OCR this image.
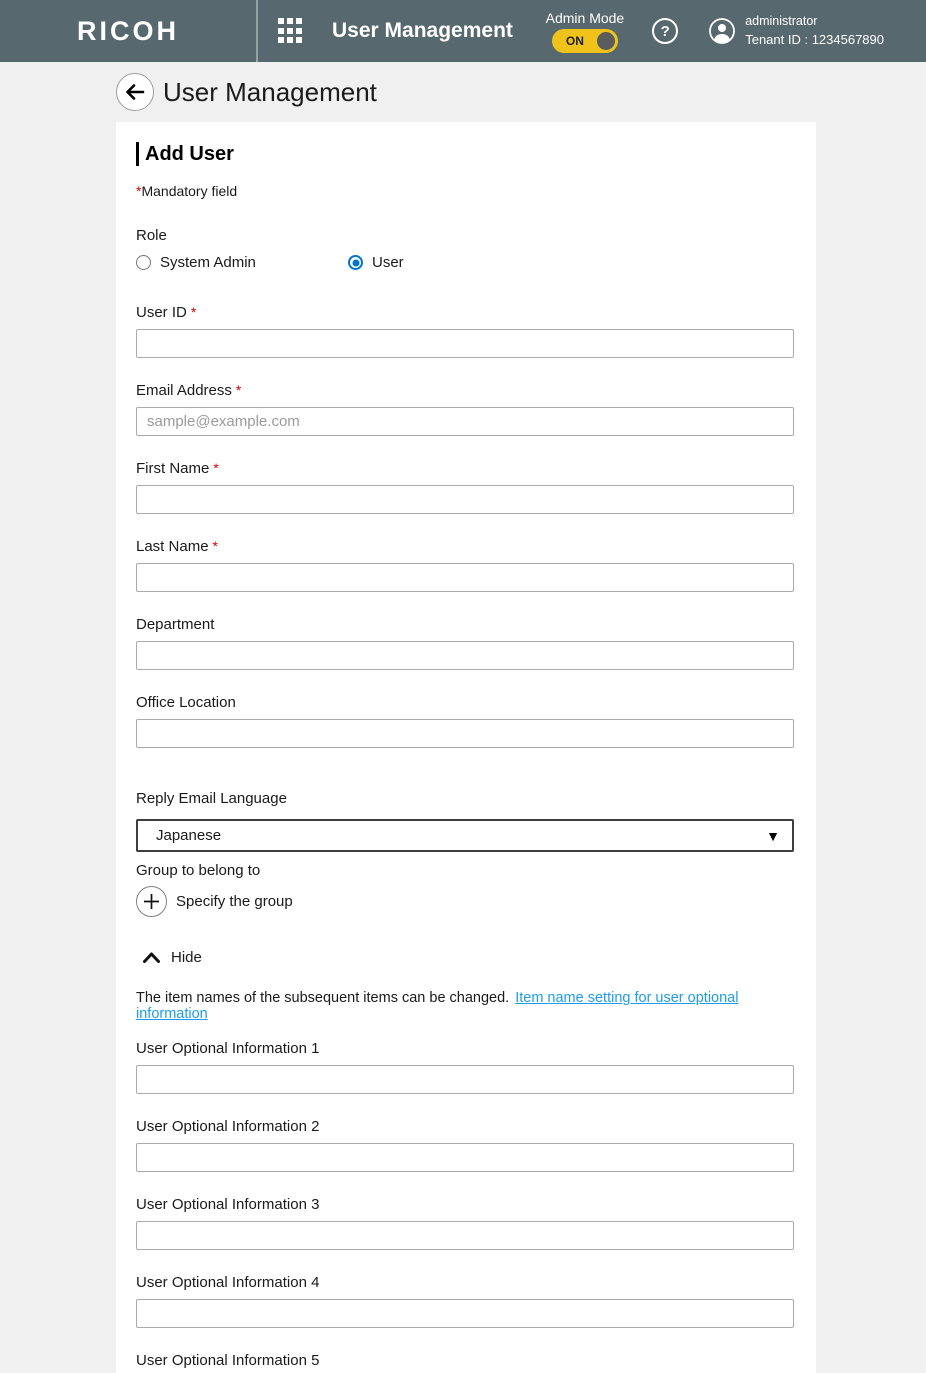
RICOH	User Management
Admin Mode
ON
?
administrator
Tenant ID : 1234567890
User Management
Add User
*Mandatory field
Role
System Admin	User
User ID *
Email Address *
sample@example.com
First Name *
Last Name *
Department
Office Location
Reply Email Language
Japanese	▼
Group to belong to
Specify the group
Hide
The item names of the subsequent items can be changed. Item name setting for user optional information
User Optional Information 1
User Optional Information 2
User Optional Information 3
User Optional Information 4
User Optional Information 5
